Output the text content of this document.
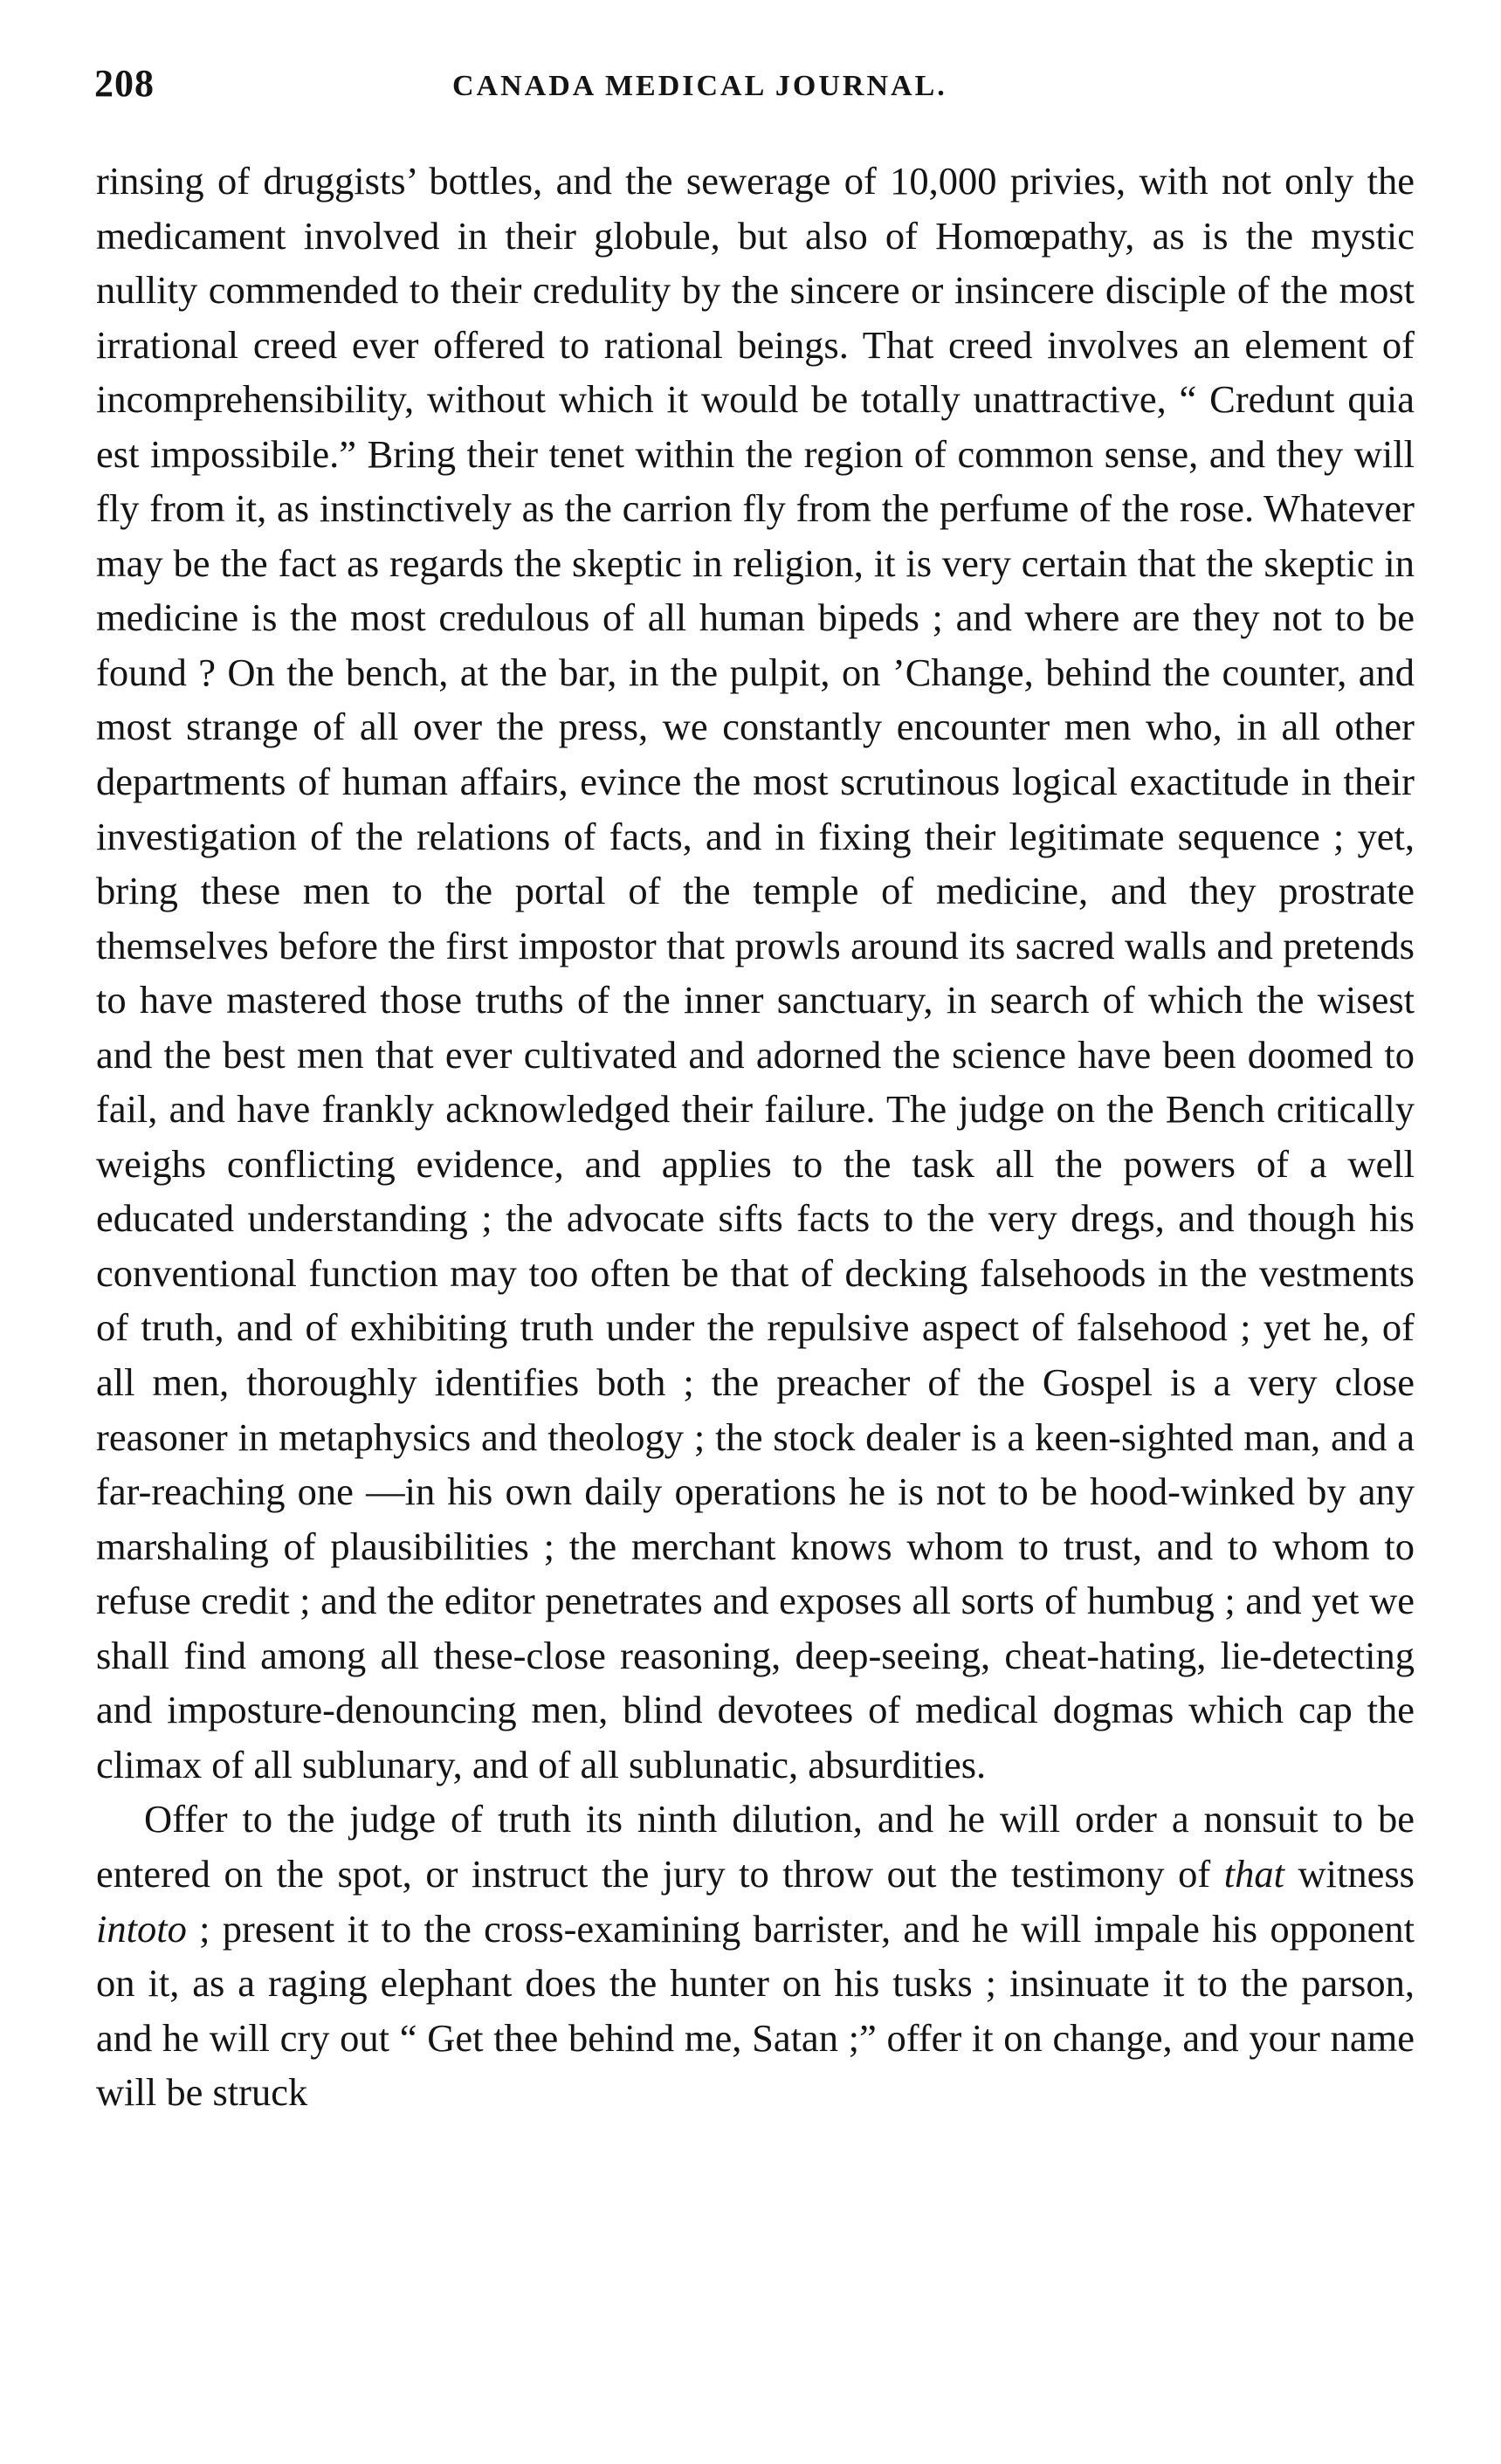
208	CANADA MEDICAL JOURNAL.

rinsing of druggists’ bottles, and the sewerage of 10,000 privies, with not only the medicament involved in their globule, but also of Homœpathy, as is the mystic nullity commended to their credulity by the sincere or insincere disciple of the most irrational creed ever offered to rational beings. That creed involves an element of incomprehensibility, without which it would be totally unattractive, “ Credunt quia est impossibile.” Bring their tenet within the region of common sense, and they will fly from it, as instinctively as the carrion fly from the perfume of the rose. Whatever may be the fact as regards the skeptic in religion, it is very certain that the skeptic in medicine is the most credulous of all human bipeds ; and where are they not to be found ? On the bench, at the bar, in the pulpit, on ’Change, behind the counter, and most strange of all over the press, we constantly encounter men who, in all other departments of human affairs, evince the most scrutinous logical exactitude in their investigation of the relations of facts, and in fixing their legitimate sequence ; yet, bring these men to the portal of the temple of medicine, and they prostrate themselves before the first impostor that prowls around its sacred walls and pretends to have mastered those truths of the inner sanctuary, in search of which the wisest and the best men that ever cultivated and adorned the science have been doomed to fail, and have frankly acknowledged their failure. The judge on the Bench critically weighs conflicting evidence, and applies to the task all the powers of a well educated understanding ; the advocate sifts facts to the very dregs, and though his conventional function may too often be that of decking falsehoods in the vestments of truth, and of exhibiting truth under the repulsive aspect of falsehood ; yet he, of all men, thoroughly identifies both ; the preacher of the Gospel is a very close reasoner in metaphysics and theology ; the stock dealer is a keen-sighted man, and a far-reaching one —in his own daily operations he is not to be hood-winked by any marshaling of plausibilities ; the merchant knows whom to trust, and to whom to refuse credit ; and the editor penetrates and exposes all sorts of humbug ; and yet we shall find among all these-close reasoning, deep-seeing, cheat-hating, lie-detecting and imposture-denouncing men, blind devotees of medical dogmas which cap the climax of all sublunary, and of all sublunatic, absurdities.

Offer to the judge of truth its ninth dilution, and he will order a nonsuit to be entered on the spot, or instruct the jury to throw out the testimony of that witness intoto ; present it to the cross-examining barrister, and he will impale his opponent on it, as a raging elephant does the hunter on his tusks ; insinuate it to the parson, and he will cry out “ Get thee behind me, Satan ;” offer it on change, and your name will be struck
